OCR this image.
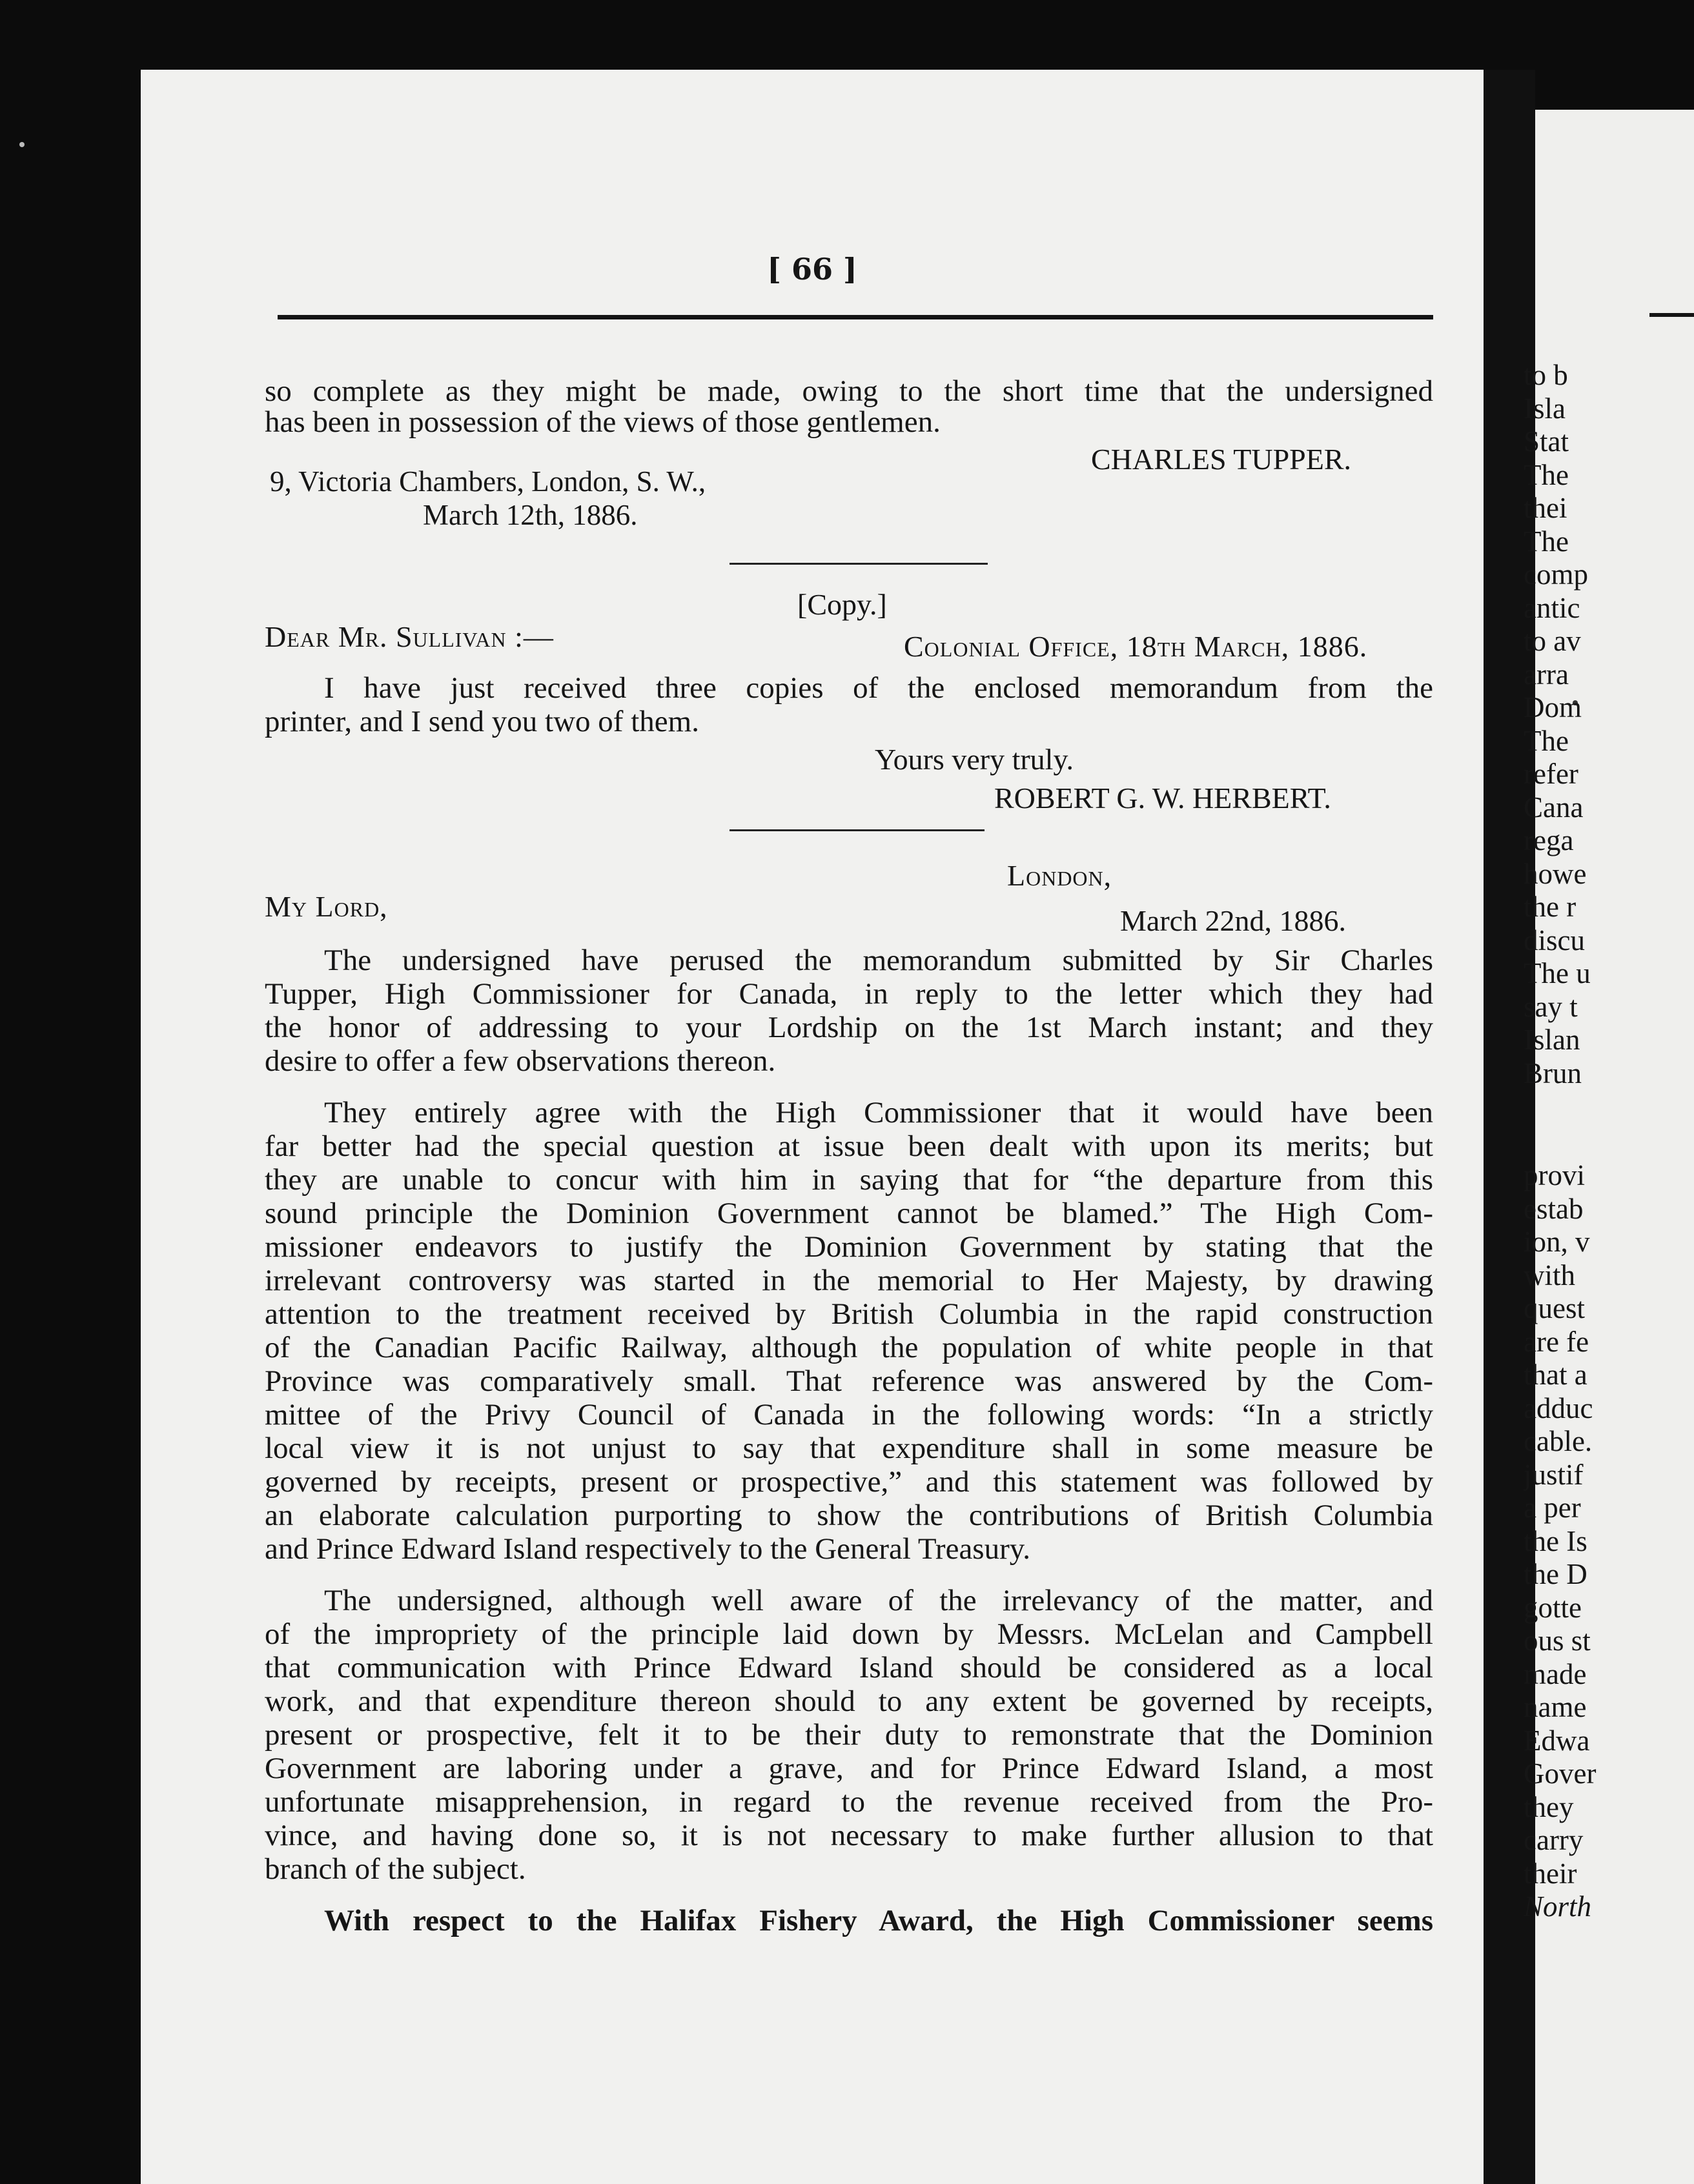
[ 66 ]
so complete as they might be made, owing to the short time that the undersigned
has been in possession of the views of those gentlemen.
CHARLES TUPPER.
9, Victoria Chambers, London, S. W.,
March 12th, 1886.
[Copy.]
Dear Mr. Sullivan :—	Colonial Office, 18th March, 1886.
I have just received three copies of the enclosed memorandum from the
printer, and I send you two of them.
Yours very truly.
ROBERT G. W. HERBERT.
London,
My Lord,	March 22nd, 1886.
The undersigned have perused the memorandum submitted by Sir Charles
Tupper, High Commissioner for Canada, in reply to the letter which they had
the honor of addressing to your Lordship on the 1st March instant; and they
desire to offer a few observations thereon.
They entirely agree with the High Commissioner that it would have been
far better had the special question at issue been dealt with upon its merits; but
they are unable to concur with him in saying that for “the departure from this
sound principle the Dominion Government cannot be blamed.” The High Com-
missioner endeavors to justify the Dominion Government by stating that the
irrelevant controversy was started in the memorial to Her Majesty, by drawing
attention to the treatment received by British Columbia in the rapid construction
of the Canadian Pacific Railway, although the population of white people in that
Province was comparatively small. That reference was answered by the Com-
mittee of the Privy Council of Canada in the following words: “In a strictly
local view it is not unjust to say that expenditure shall in some measure be
governed by receipts, present or prospective,” and this statement was followed by
an elaborate calculation purporting to show the contributions of British Columbia
and Prince Edward Island respectively to the General Treasury.
The undersigned, although well aware of the irrelevancy of the matter, and
of the impropriety of the principle laid down by Messrs. McLelan and Campbell
that communication with Prince Edward Island should be considered as a local
work, and that expenditure thereon should to any extent be governed by receipts,
present or prospective, felt it to be their duty to remonstrate that the Dominion
Government are laboring under a grave, and for Prince Edward Island, a most
unfortunate misapprehension, in regard to the revenue received from the Pro-
vince, and having done so, it is not necessary to make further allusion to that
branch of the subject.
With respect to the Halifax Fishery Award, the High Commissioner seems
to b
Isla
Stat
The
thei
The
comp
antic
to av
arra
Dom
The
refer
Cana
rega
howe
the r
discu
The u
say t
Islan
Brun
provi
estab
ion, v
with
quest
are fe
that a
adduc
cable.
justif
a per
the Is
the D
gotte
ous st
made
name
Edwa
Gover
they
carry
their
North
